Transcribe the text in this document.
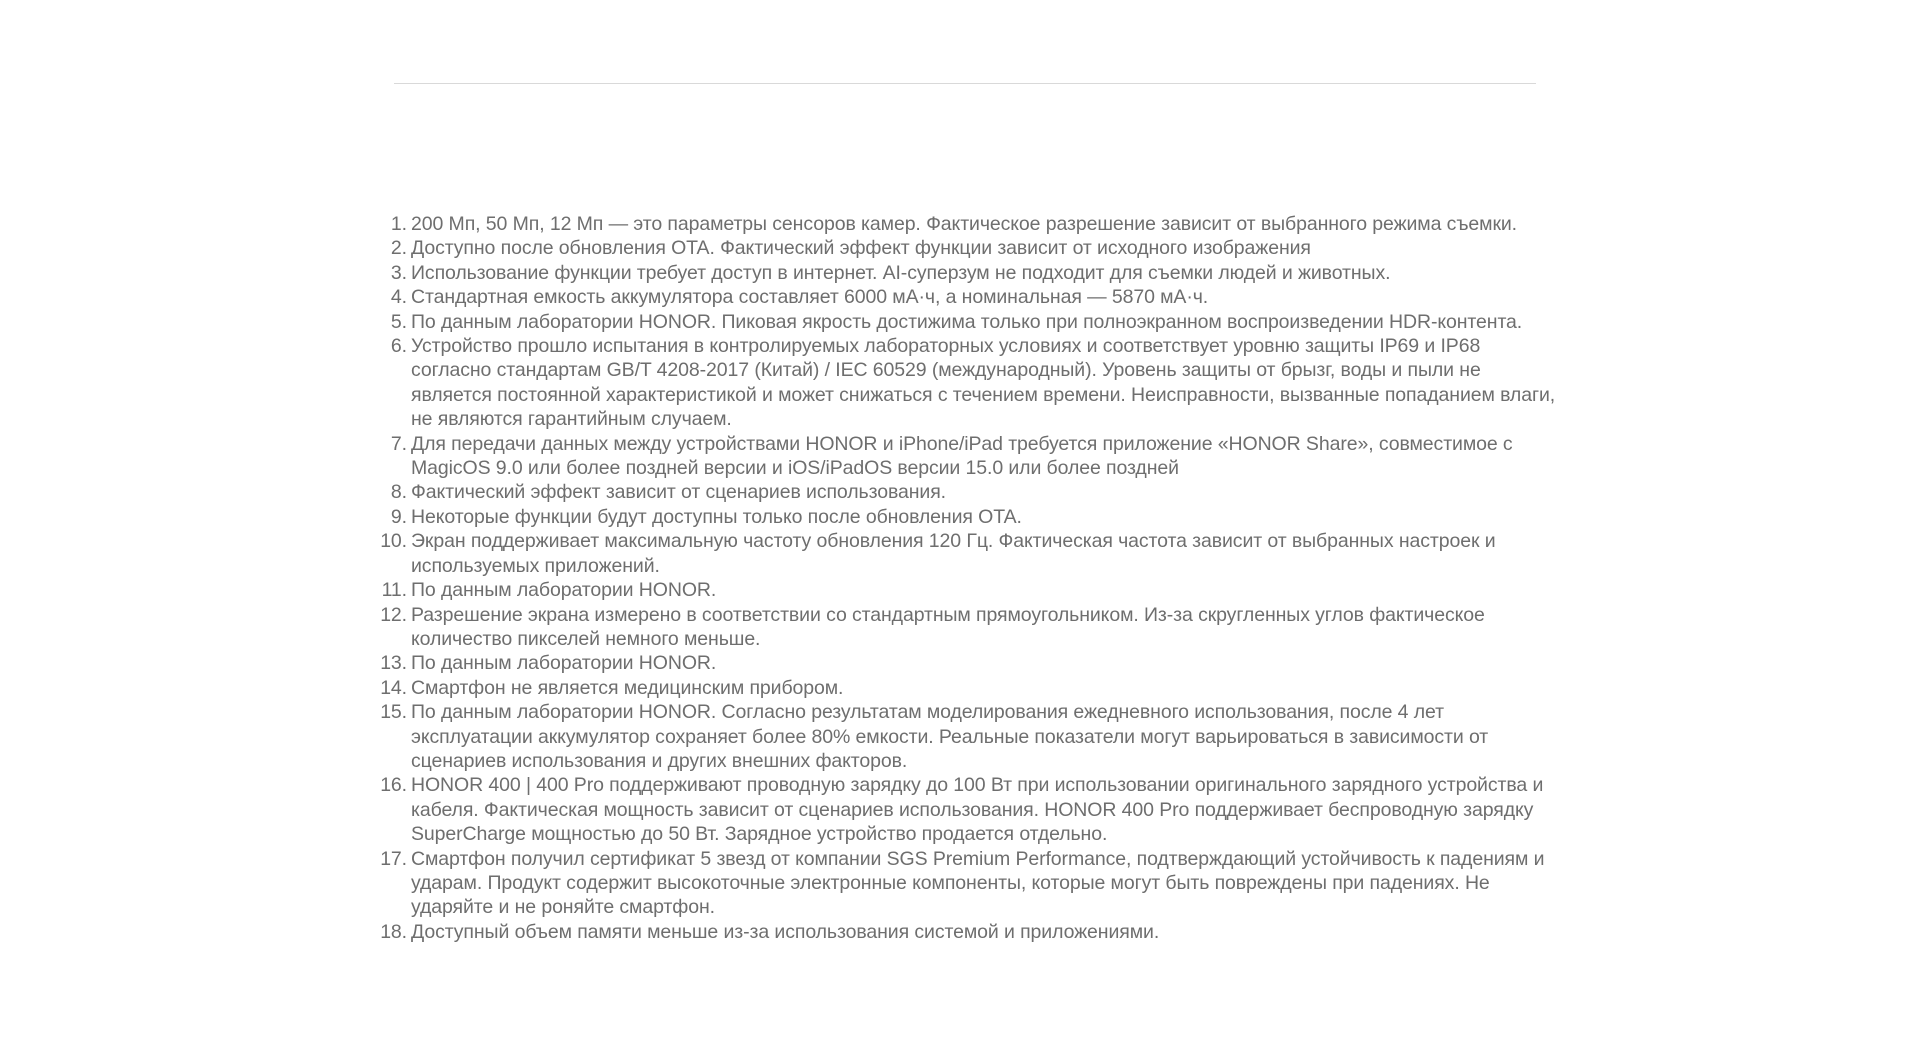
1. 200 Мп, 50 Мп, 12 Мп — это параметры сенсоров камер. Фактическое разрешение зависит от выбранного режима съемки.
2. Доступно после обновления OTA. Фактический эффект функции зависит от исходного изображения
3. Использование функции требует доступ в интернет. AI-суперзум не подходит для съемки людей и животных.
4. Стандартная емкость аккумулятора составляет 6000 мА·ч, а номинальная — 5870 мА·ч.
5. По данным лаборатории HONOR. Пиковая якрость достижима только при полноэкранном воспроизведении HDR-контента.
6. Устройство прошло испытания в контролируемых лабораторных условиях и соответствует уровню защиты IP69 и IP68 согласно стандартам GB/T 4208-2017 (Китай) / IEC 60529 (международный). Уровень защиты от брызг, воды и пыли не является постоянной характеристикой и может снижаться с течением времени. Неисправности, вызванные попаданием влаги, не являются гарантийным случаем.
7. Для передачи данных между устройствами HONOR и iPhone/iPad требуется приложение «HONOR Share», совместимое с MagicOS 9.0 или более поздней версии и iOS/iPadOS версии 15.0 или более поздней
8. Фактический эффект зависит от сценариев использования.
9. Некоторые функции будут доступны только после обновления OTA.
10. Экран поддерживает максимальную частоту обновления 120 Гц. Фактическая частота зависит от выбранных настроек и используемых приложений.
11. По данным лаборатории HONOR.
12. Разрешение экрана измерено в соответствии со стандартным прямоугольником. Из-за скругленных углов фактическое количество пикселей немного меньше.
13. По данным лаборатории HONOR.
14. Смартфон не является медицинским прибором.
15. По данным лаборатории HONOR. Согласно результатам моделирования ежедневного использования, после 4 лет эксплуатации аккумулятор сохраняет более 80% емкости. Реальные показатели могут варьироваться в зависимости от сценариев использования и других внешних факторов.
16. HONOR 400 | 400 Pro поддерживают проводную зарядку до 100 Вт при использовании оригинального зарядного устройства и кабеля. Фактическая мощность зависит от сценариев использования. HONOR 400 Pro поддерживает беспроводную зарядку SuperCharge мощностью до 50 Вт. Зарядное устройство продается отдельно.
17. Смартфон получил сертификат 5 звезд от компании SGS Premium Performance, подтверждающий устойчивость к падениям и ударам. Продукт содержит высокоточные электронные компоненты, которые могут быть повреждены при падениях. Не ударяйте и не роняйте смартфон.
18. Доступный объем памяти меньше из-за использования системой и приложениями.
